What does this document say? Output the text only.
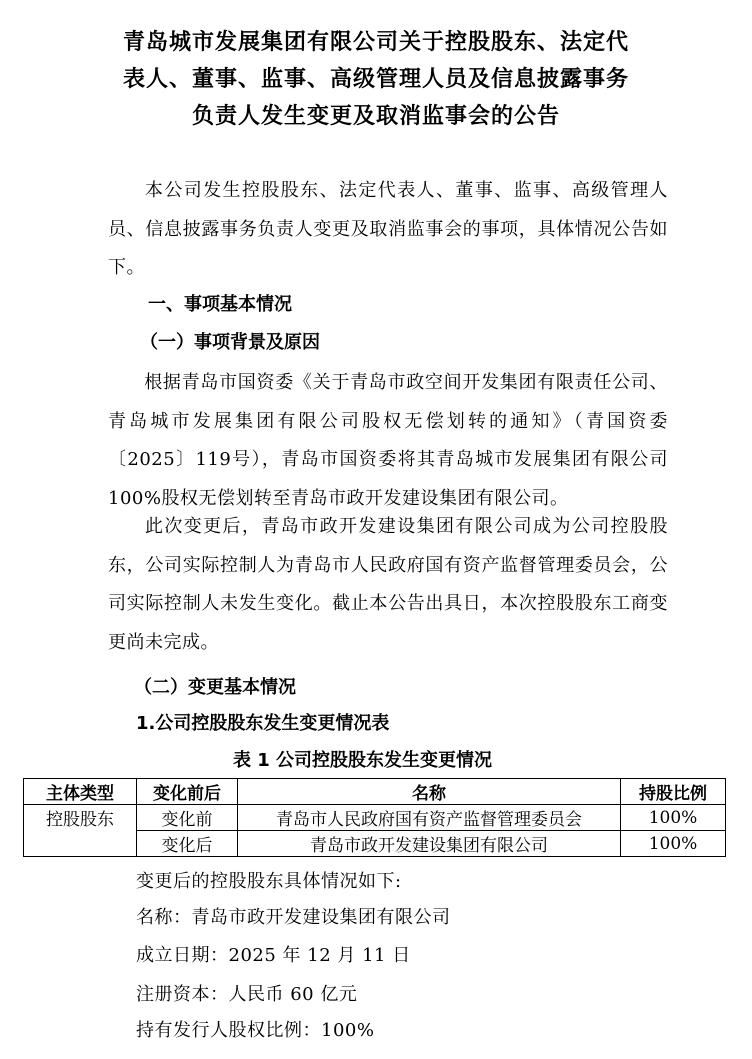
青岛城市发展集团有限公司关于控股股东、法定代
表人、董事、监事、高级管理人员及信息披露事务
负责人发生变更及取消监事会的公告
本公司发生控股股东、法定代表人、董事、监事、高级管理人员、信息披露事务负责人变更及取消监事会的事项，具体情况公告如下。
一、事项基本情况
（一）事项背景及原因
根据青岛市国资委《关于青岛市政空间开发集团有限责任公司、青岛城市发展集团有限公司股权无偿划转的通知》（青国资委〔2025〕119号），青岛市国资委将其青岛城市发展集团有限公司100%股权无偿划转至青岛市政开发建设集团有限公司。
此次变更后，青岛市政开发建设集团有限公司成为公司控股股东，公司实际控制人为青岛市人民政府国有资产监督管理委员会，公司实际控制人未发生变化。截止本公告出具日，本次控股股东工商变更尚未完成。
（二）变更基本情况
1.公司控股股东发生变更情况表
表 1 公司控股股东发生变更情况
主体类型	变化前后	名称	持股比例
控股股东	变化前	青岛市人民政府国有资产监督管理委员会	100%
	变化后	青岛市政开发建设集团有限公司	100%
变更后的控股股东具体情况如下:
名称：青岛市政开发建设集团有限公司
成立日期：2025 年 12 月 11 日
注册资本：人民币 60 亿元
持有发行人股权比例：100%
